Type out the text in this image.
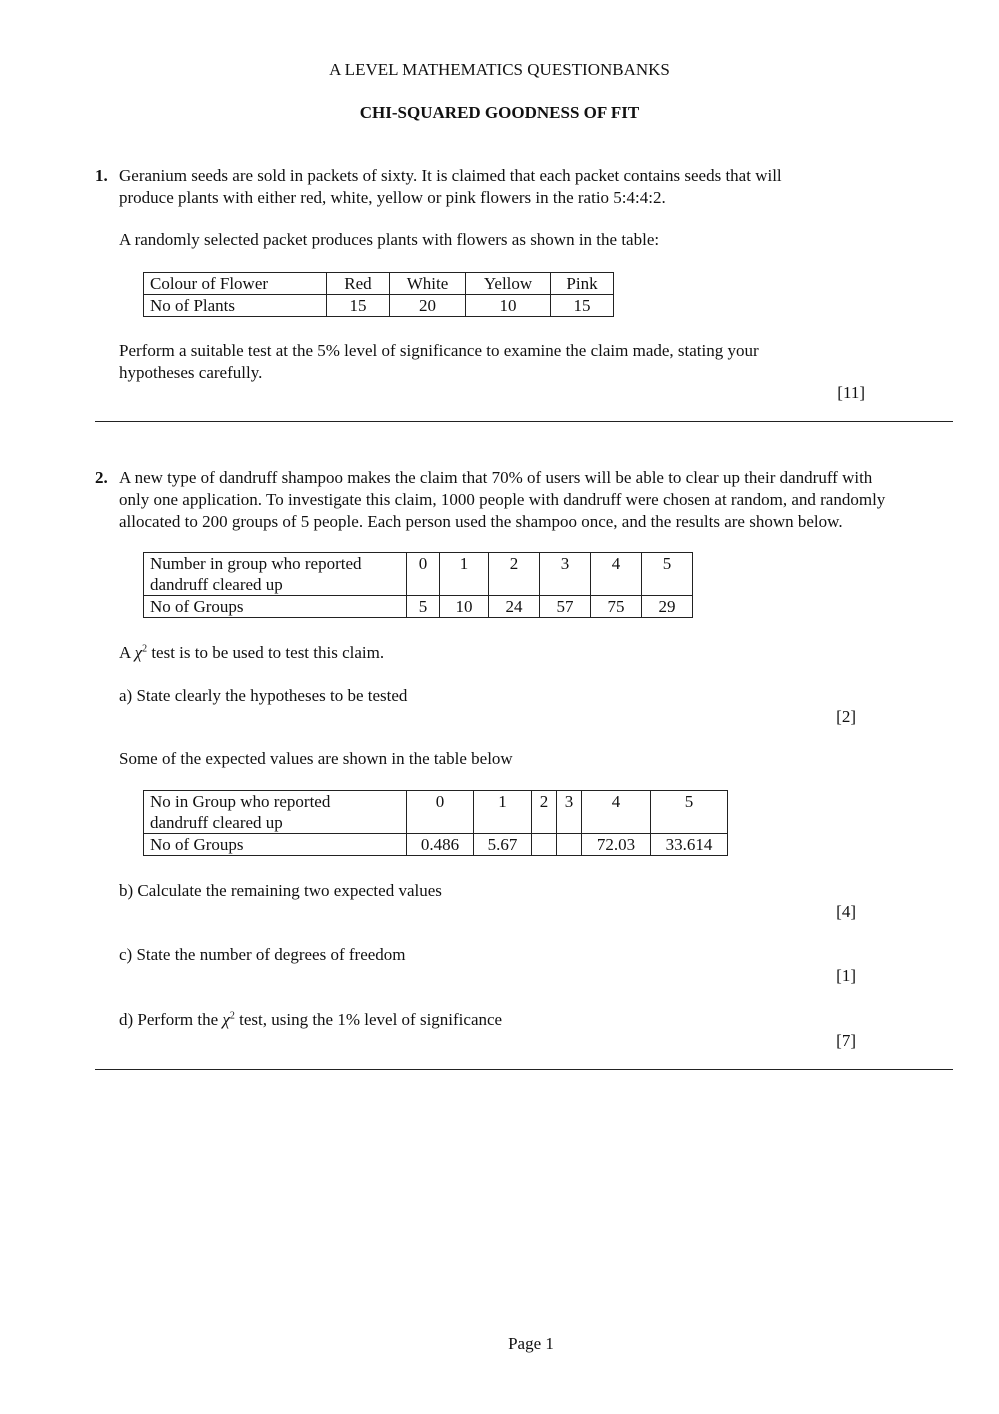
A LEVEL MATHEMATICS QUESTIONBANKS
CHI-SQUARED GOODNESS OF FIT
1. Geranium seeds are sold in packets of sixty. It is claimed that each packet contains seeds that will
produce plants with either red, white, yellow or pink flowers in the ratio 5:4:4:2.
A randomly selected packet produces plants with flowers as shown in the table:
Colour of Flower	Red	White	Yellow	Pink
No of Plants	15	20	10	15
Perform a suitable test at the 5% level of significance to examine the claim made, stating your
hypotheses carefully.
[11]
2. A new type of dandruff shampoo makes the claim that 70% of users will be able to clear up their dandruff with
only one application. To investigate this claim, 1000 people with dandruff were chosen at random, and randomly
allocated to 200 groups of 5 people. Each person used the shampoo once, and the results are shown below.
Number in group who reported
dandruff cleared up	0	1	2	3	4	5
No of Groups	5	10	24	57	75	29
A $\chi^2$ test is to be used to test this claim.
a) State clearly the hypotheses to be tested
[2]
Some of the expected values are shown in the table below
No in Group who reported
dandruff cleared up	0	1	2	3	4	5
No of Groups	0.486	5.67			72.03	33.614
b) Calculate the remaining two expected values
[4]
c) State the number of degrees of freedom
[1]
d) Perform the $\chi^2$ test, using the 1% level of significance
[7]
Page 1
